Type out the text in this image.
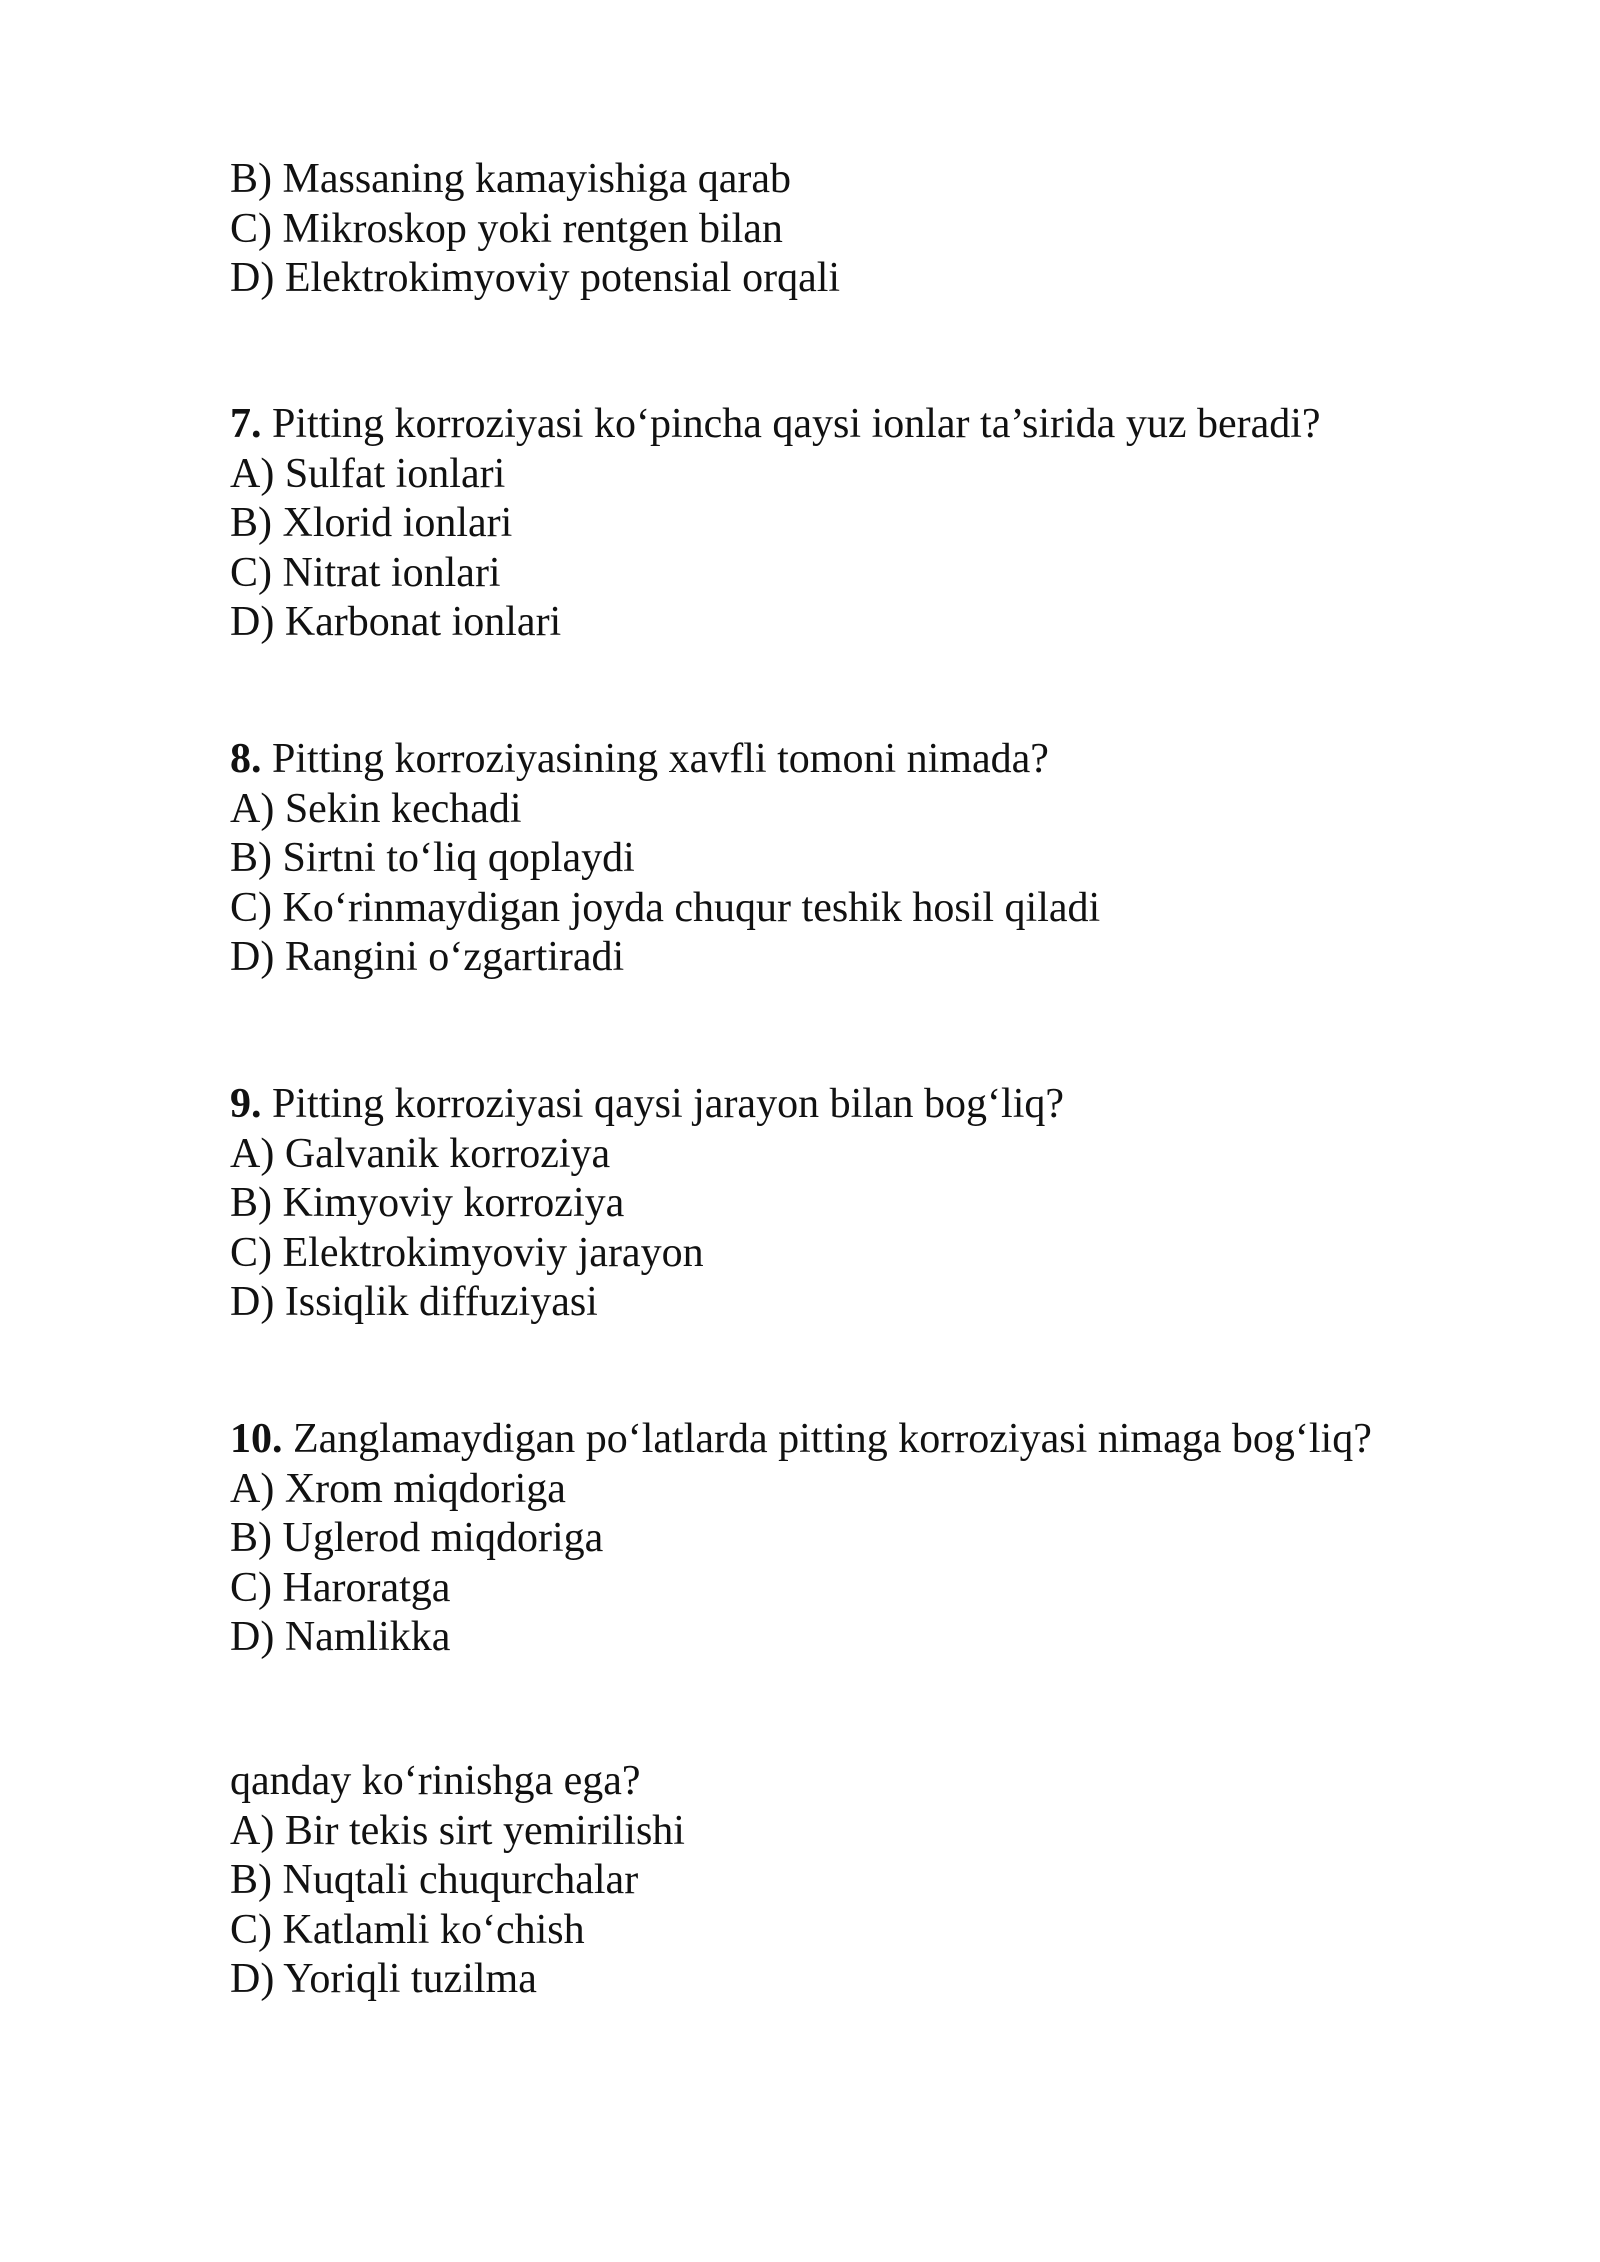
B) Massaning kamayishiga qarab
C) Mikroskop yoki rentgen bilan
D) Elektrokimyoviy potensial orqali
7. Pitting korroziyasi ko‘pincha qaysi ionlar ta’sirida yuz beradi?
A) Sulfat ionlari
B) Xlorid ionlari
C) Nitrat ionlari
D) Karbonat ionlari
8. Pitting korroziyasining xavfli tomoni nimada?
A) Sekin kechadi
B) Sirtni to‘liq qoplaydi
C) Ko‘rinmaydigan joyda chuqur teshik hosil qiladi
D) Rangini o‘zgartiradi
9. Pitting korroziyasi qaysi jarayon bilan bog‘liq?
A) Galvanik korroziya
B) Kimyoviy korroziya
C) Elektrokimyoviy jarayon
D) Issiqlik diffuziyasi
10. Zanglamaydigan po‘latlarda pitting korroziyasi nimaga bog‘liq?
A) Xrom miqdoriga
B) Uglerod miqdoriga
C) Haroratga
D) Namlikka
qanday ko‘rinishga ega?
A) Bir tekis sirt yemirilishi
B) Nuqtali chuqurchalar
C) Katlamli ko‘chish
D) Yoriqli tuzilma
